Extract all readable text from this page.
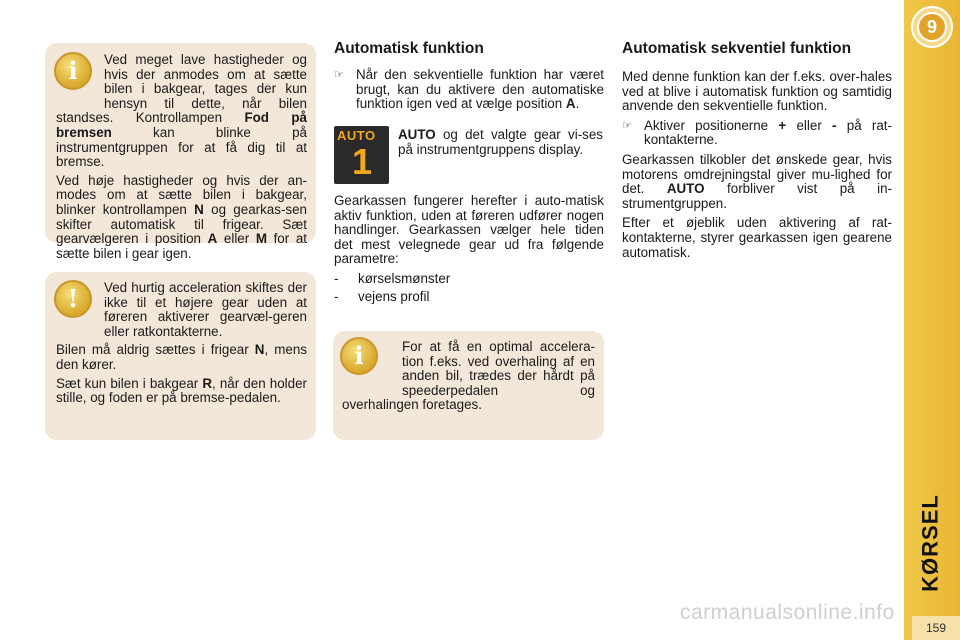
9
KØRSEL
159
i	Ved meget lave hastigheder og hvis der anmodes om at sætte bilen i bakgear, tages der kun hensyn til dette, når bilen standses. Kontrollampen Fod på bremsen kan blinke på instrumentgruppen for at få dig til at bremse.

Ved høje hastigheder og hvis der an-modes om at sætte bilen i bakgear, blinker kontrollampen N og gearkas-sen skifter automatisk til frigear. Sæt gearvælgeren i position A eller M for at sætte bilen i gear igen.

!	Ved hurtig acceleration skiftes der ikke til et højere gear uden at føreren aktiverer gearvæl-geren eller ratkontakterne.

Bilen må aldrig sættes i frigear N, mens den kører.

Sæt kun bilen i bakgear R, når den holder stille, og foden er på bremse-pedalen.

i	For at få en optimal accelera-tion f.eks. ved overhaling af en anden bil, trædes der hårdt på speederpedalen og overhalingen foretages.

Automatisk funktion
☞ Når den sekventielle funktion har været brugt, kan du aktivere den automatiske funktion igen ved at vælge position A.
AUTO
1
AUTO og det valgte gear vi-ses på instrumentgruppens display.

Gearkassen fungerer herefter i auto-matisk aktiv funktion, uden at føreren udfører nogen handlinger. Gearkassen vælger hele tiden det mest velegnede gear ud fra følgende parametre:

-	kørselsmønster
-	vejens profil
Automatisk sekventiel funktion

Med denne funktion kan der f.eks. over-hales ved at blive i automatisk funktion og samtidig anvende den sekventielle funktion.

☞ Aktiver positionerne + eller - på rat-kontakterne.

Gearkassen tilkobler det ønskede gear, hvis motorens omdrejningstal giver mu-lighed for det. AUTO forbliver vist på in-strumentgruppen.

Efter et øjeblik uden aktivering af rat-kontakterne, styrer gearkassen igen gearene automatisk.

carmanualsonline.info
